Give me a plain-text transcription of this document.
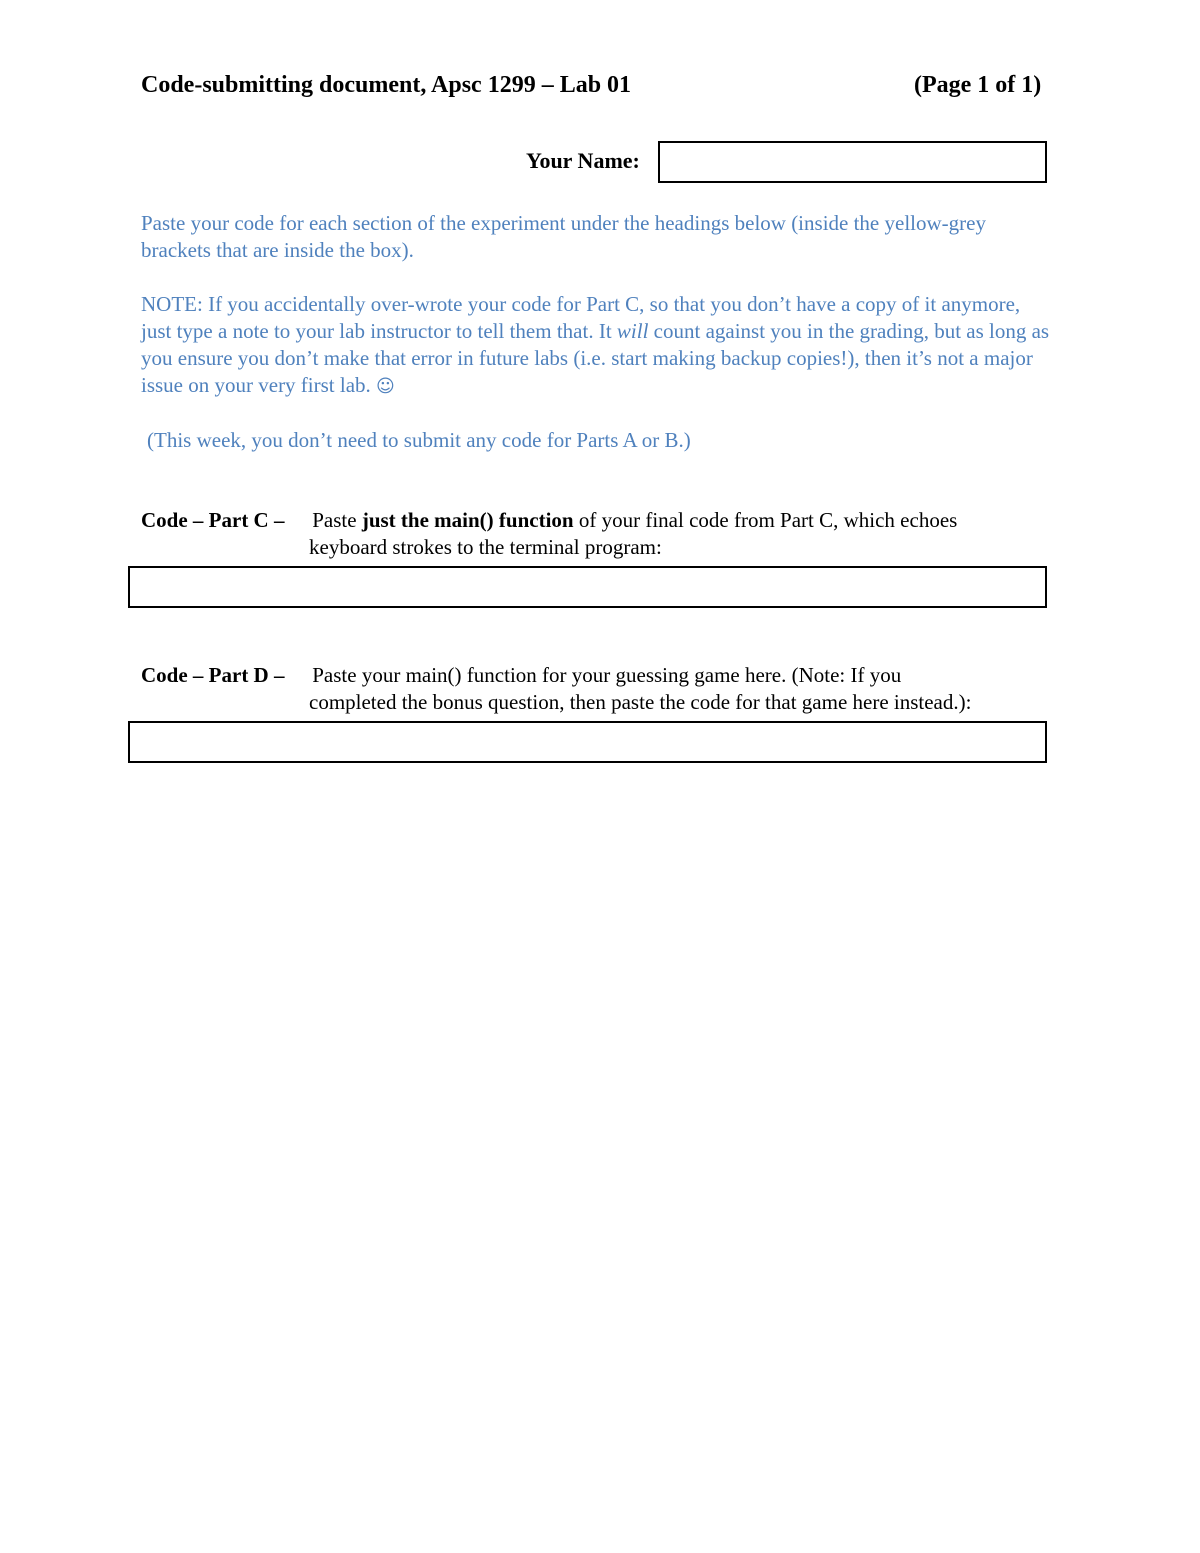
Code-submitting document, Apsc 1299 – Lab 01	(Page 1 of 1)
Your Name:
Paste your code for each section of the experiment under the headings below (inside the yellow-grey brackets that are inside the box).
NOTE: If you accidentally over-wrote your code for Part C, so that you don’t have a copy of it anymore, just type a note to your lab instructor to tell them that. It will count against you in the grading, but as long as you ensure you don’t make that error in future labs (i.e. start making backup copies!), then it’s not a major issue on your very first lab. ☺
(This week, you don’t need to submit any code for Parts A or B.)
Code – Part C – Paste just the main() function of your final code from Part C, which echoes
keyboard strokes to the terminal program:
Code – Part D – Paste your main() function for your guessing game here. (Note: If you
completed the bonus question, then paste the code for that game here instead.):
